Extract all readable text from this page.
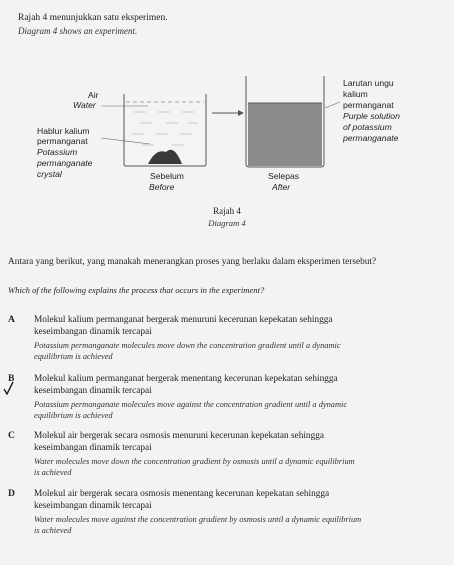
Rajah 4 menunjukkan satu eksperimen.
Diagram 4 shows an experiment.
Air
Water
Hablur kalium
permanganat
Potassium
permanganate
crystal	Sebelum
Before
Selepas
After
Larutan ungu
kalium
permanganat
Purple solution
of potassium
permanganate
Rajah 4
Diagram 4
Antara yang berikut, yang manakah menerangkan proses yang berlaku dalam eksperimen tersebut?
Which of the following explains the process that occurs in the experiment?
A	Molekul kalium permanganat bergerak menuruni kecerunan kepekatan sehingga
keseimbangan dinamik tercapai
Potassium permanganate molecules move down the concentration gradient until a dynamic
equilibrium is achieved
B	Molekul kalium permanganat bergerak menentang kecerunan kepekatan sehingga
keseimbangan dinamik tercapai
Potassium permanganate molecules move against the concentration gradient until a dynamic
equilibrium is achieved
C	Molekul air bergerak secara osmosis menuruni kecerunan kepekatan sehingga
keseimbangan dinamik tercapai
Water molecules move down the concentration gradient by osmosis until a dynamic equilibrium
is achieved
D	Molekul air bergerak secara osmosis menentang kecerunan kepekatan sehingga
keseimbangan dinamik tercapai
Water molecules move against the concentration gradient by osmosis until a dynamic equilibrium
is achieved
